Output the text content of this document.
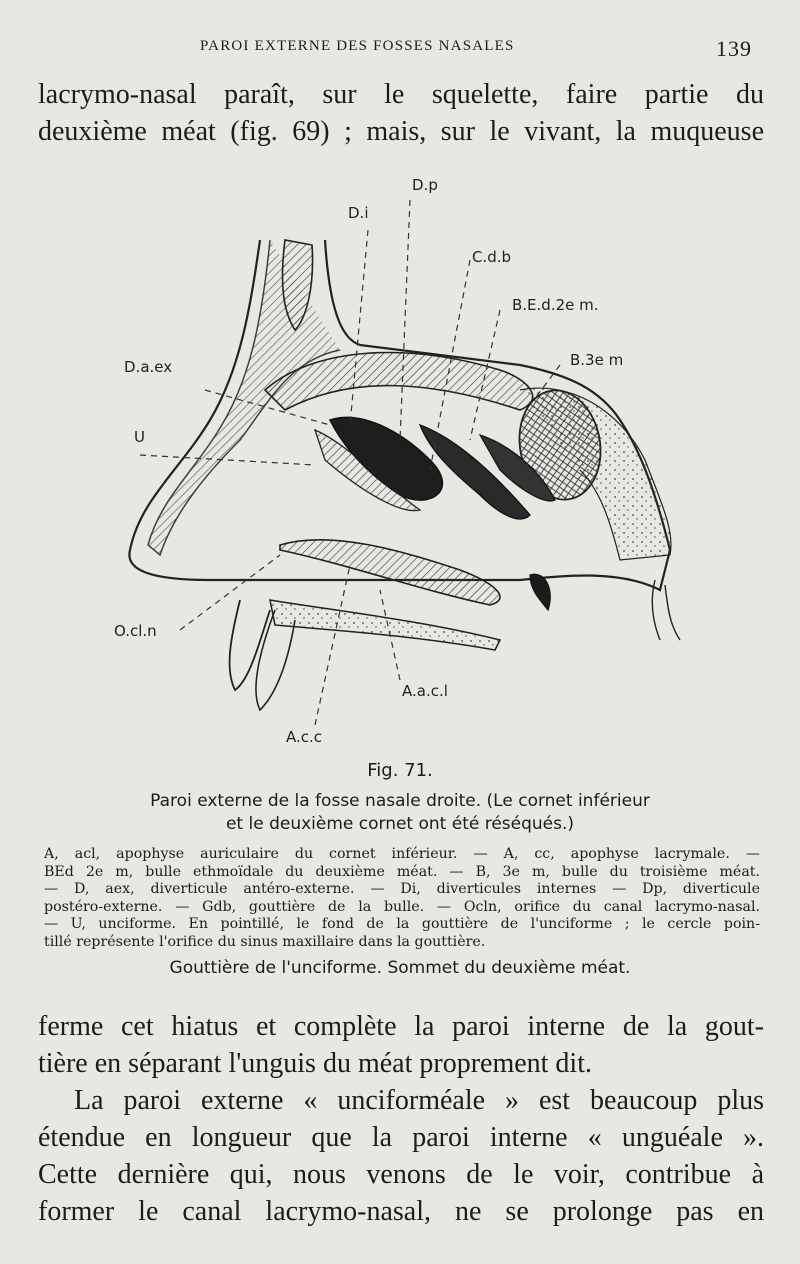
PAROI EXTERNE DES FOSSES NASALES	139
lacrymo-nasal paraît, sur le squelette, faire partie du
deuxième méat (fig. 69) ; mais, sur le vivant, la muqueuse
D.p
D.i
C.d.b
B.E.d.2e m.
B.3e m
D.a.ex
U
O.cl.n
A.a.c.l
A.c.c
Fig. 71.
Paroi externe de la fosse nasale droite. (Le cornet inférieur
et le deuxième cornet ont été réséqués.)
A, acl, apophyse auriculaire du cornet inférieur. — A, cc, apophyse lacrymale. —
BEd 2e m, bulle ethmoïdale du deuxième méat. — B, 3e m, bulle du troisième méat.
— D, aex, diverticule antéro-externe. — Di, diverticules internes — Dp, diverticule
postéro-externe. — Gdb, gouttière de la bulle. — Ocln, orifice du canal lacrymo-nasal.
— U, unciforme. En pointillé, le fond de la gouttière de l'unciforme ; le cercle poin-
tillé représente l'orifice du sinus maxillaire dans la gouttière.
Gouttière de l'unciforme. Sommet du deuxième méat.
ferme cet hiatus et complète la paroi interne de la gout-
tière en séparant l'unguis du méat proprement dit.
La paroi externe « unciforméale » est beaucoup plus
étendue en longueur que la paroi interne « unguéale ».
Cette dernière qui, nous venons de le voir, contribue à
former le canal lacrymo-nasal, ne se prolonge pas en
